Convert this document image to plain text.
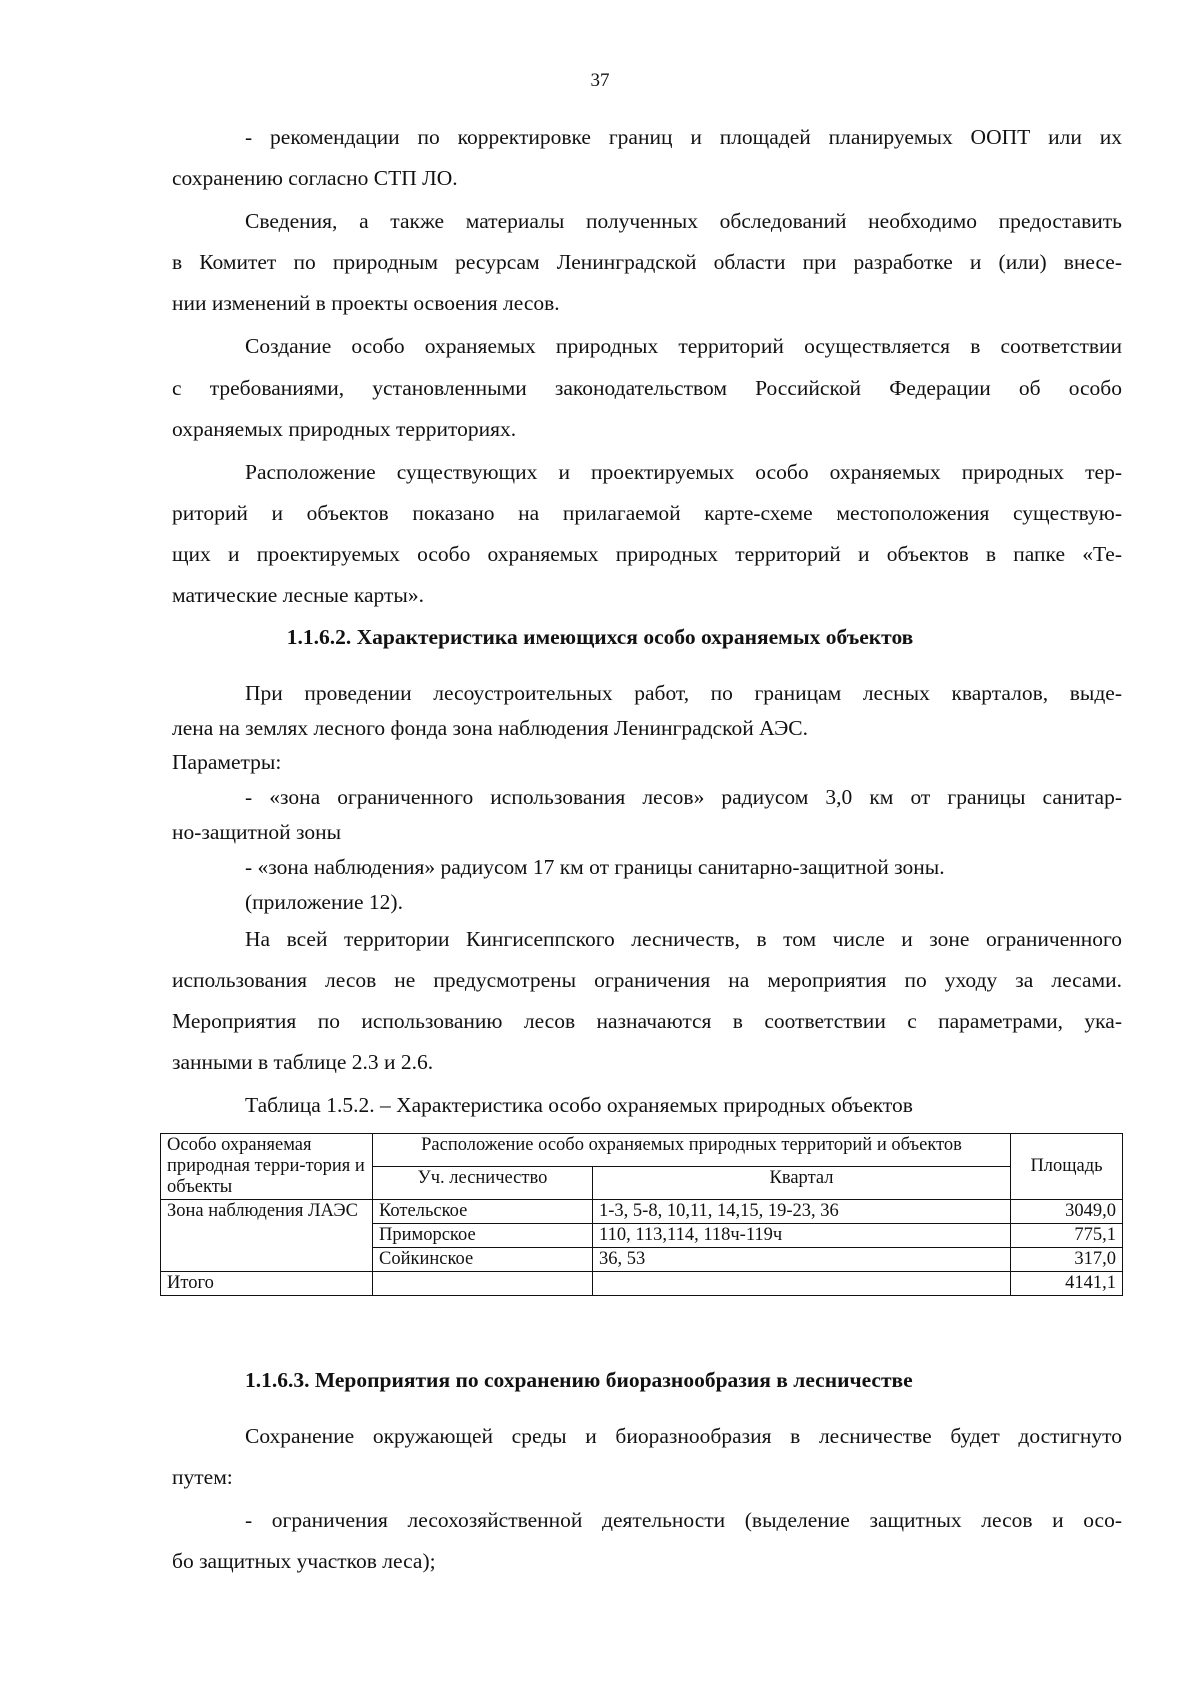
37
- рекомендации по корректировке границ и площадей планируемых ООПТ или их
сохранению согласно СТП ЛО.
Сведения, а также материалы полученных обследований необходимо предоставить
в Комитет по природным ресурсам Ленинградской области при разработке и (или) внесе-
нии изменений в проекты освоения лесов.
Создание особо охраняемых природных территорий осуществляется в соответствии
с требованиями, установленными законодательством Российской Федерации об особо
охраняемых природных территориях.
Расположение существующих и проектируемых особо охраняемых природных тер-
риторий и объектов показано на прилагаемой карте-схеме местоположения существую-
щих и проектируемых особо охраняемых природных территорий и объектов в папке «Те-
матические лесные карты».
1.1.6.2. Характеристика имеющихся особо охраняемых объектов
При проведении лесоустроительных работ, по границам лесных кварталов, выде-
лена на землях лесного фонда зона наблюдения Ленинградской АЭС.
Параметры:
- «зона ограниченного использования лесов» радиусом 3,0 км от границы санитар-
но-защитной зоны
- «зона наблюдения» радиусом 17 км от границы санитарно-защитной зоны.
(приложение 12).
На всей территории Кингисеппского лесничеств, в том числе и зоне ограниченного
использования лесов не предусмотрены ограничения на мероприятия по уходу за лесами.
Мероприятия по использованию лесов назначаются в соответствии с параметрами, ука-
занными в таблице 2.3 и 2.6.
Таблица 1.5.2. – Характеристика особо охраняемых природных объектов
Особо охраняемая природная терри-тория и объекты	Расположение особо охраняемых природных территорий и объектов		Площадь
	Уч. лесничество	Квартал	
Зона наблюдения ЛАЭС	Котельское	1-3, 5-8, 10,11, 14,15, 19-23, 36	3049,0
	Приморское	110, 113,114, 118ч-119ч	775,1
	Сойкинское	36, 53	317,0
Итого			4141,1
1.1.6.3. Мероприятия по сохранению биоразнообразия в лесничестве
Сохранение окружающей среды и биоразнообразия в лесничестве будет достигнуто
путем:
- ограничения лесохозяйственной деятельности (выделение защитных лесов и осо-
бо защитных участков леса);
